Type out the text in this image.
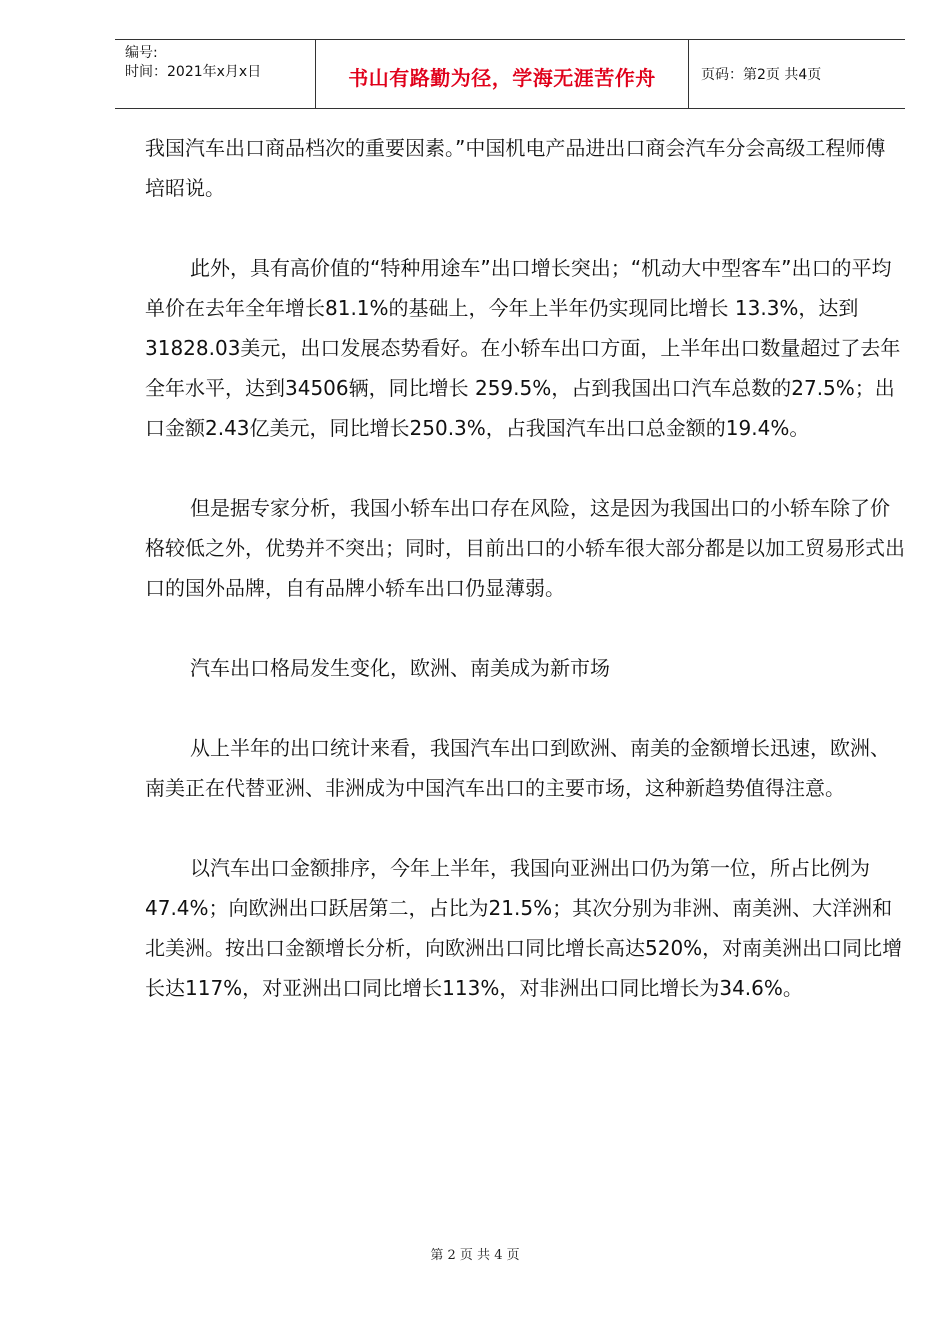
编号:
时间：2021年x月x日	书山有路勤为径，学海无涯苦作舟	页码：第2页 共4页

我国汽车出口商品档次的重要因素。”中国机电产品进出口商会汽车分会高级工程师傅培昭说。

此外，具有高价值的“特种用途车”出口增长突出；“机动大中型客车”出口的平均单价在去年全年增长81.1%的基础上，今年上半年仍实现同比增长 13.3%，达到31828.03美元，出口发展态势看好。在小轿车出口方面，上半年出口数量超过了去年全年水平，达到34506辆，同比增长 259.5%，占到我国出口汽车总数的27.5%；出口金额2.43亿美元，同比增长250.3%，占我国汽车出口总金额的19.4%。

但是据专家分析，我国小轿车出口存在风险，这是因为我国出口的小轿车除了价格较低之外，优势并不突出；同时，目前出口的小轿车很大部分都是以加工贸易形式出口的国外品牌，自有品牌小轿车出口仍显薄弱。

汽车出口格局发生变化，欧洲、南美成为新市场

从上半年的出口统计来看，我国汽车出口到欧洲、南美的金额增长迅速，欧洲、南美正在代替亚洲、非洲成为中国汽车出口的主要市场，这种新趋势值得注意。

以汽车出口金额排序，今年上半年，我国向亚洲出口仍为第一位，所占比例为47.4%；向欧洲出口跃居第二，占比为21.5%；其次分别为非洲、南美洲、大洋洲和北美洲。按出口金额增长分析，向欧洲出口同比增长高达520%，对南美洲出口同比增长达117%，对亚洲出口同比增长113%，对非洲出口同比增长为34.6%。

第 2 页 共 4 页
